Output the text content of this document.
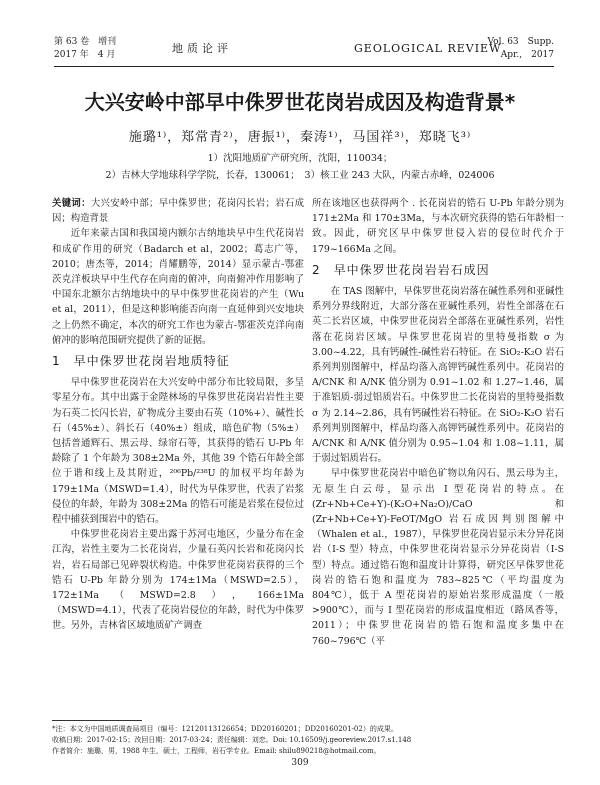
第 63 卷　增刊
2017 年　4 月	地质论评	GEOLOGICAL REVIEW
Vol. 63　Supp.
Apr.,　2017
大兴安岭中部早中侏罗世花岗岩成因及构造背景*
施璐¹⁾，郑常青²⁾，唐振¹⁾，秦涛¹⁾，马国祥³⁾，郑晓飞³⁾
1）沈阳地质矿产研究所，沈阳，110034；
2）吉林大学地球科学学院，长春，130061；　3）核工业 243 大队，内蒙古赤峰，024006

关键词：大兴安岭中部；早中侏罗世；花岗闪长岩；岩石成因；构造背景

近年来蒙古国和我国境内额尔古纳地块早中生代花岗岩和成矿作用的研究（Badarch et al，2002；葛志广等，2010；唐杰等，2014；肖耀鹏等，2014）显示蒙古-鄂霍茨克洋板块早中生代存在向南的俯冲，向南俯冲作用影响了中国东北额尔古纳地块中的早中侏罗世花岗岩的产生（Wu et al，2011），但是这种影响能否向南一直延伸到兴安地块之上仍然不确定，本次的研究工作也为蒙古-鄂霍茨克洋向南俯冲的影响范围研究提供了新的证据。

1　早中侏罗世花岗岩地质特征

早中侏罗世花岗岩在大兴安岭中部分布比较局限，多呈零星分布。其中出露于金陛林场的早侏罗世花岗岩岩性主要为石英二长闪长岩，矿物成分主要由石英（10%+）、碱性长石（45%±）、斜长石（40%±）组成，暗色矿物（5%±）包括普通辉石、黑云母、绿帘石等，其获得的锆石 U-Pb 年龄除了 1 个年龄为 308±2Ma 外，其他 39 个锆石年龄全部位于谐和线上及其附近，²⁰⁶Pb/²³⁸U 的加权平均年龄为 179±1Ma（MSWD=1.4），时代为早侏罗世，代表了岩浆侵位的年龄，年龄为 308±2Ma 的锆石可能是岩浆在侵位过程中捕获到围岩中的锆石。

中侏罗世花岗岩主要出露于苏河屯地区，少量分布在金江沟，岩性主要为二长花岗岩，少量石英闪长岩和花岗闪长岩，岩石局部已见碎裂状构造。中侏罗世花岗岩获得的三个锆石 U-Pb 年龄分别为 174±1Ma（MSWD=2.5），172±1Ma（MSWD=2.8），166±1Ma（MSWD=4.1），代表了花岗岩侵位的年龄，时代为中侏罗世。另外，吉林省区域地质矿产调查

所在该地区也获得两个 . 长花岗岩的锆石 U-Pb 年龄分别为 171±2Ma 和 170±3Ma，与本次研究获得的锆石年龄相一致。因此，研究区早中侏罗世侵入岩的侵位时代介于 179~166Ma 之间。

2　早中侏罗世花岗岩岩石成因

在 TAS 图解中，早侏罗世花岗岩落在碱性系列和亚碱性系列分界线附近，大部分落在亚碱性系列，岩性全部落在石英二长岩区域，中侏罗世花岗岩全部落在亚碱性系列，岩性落在花岗岩区域。早侏罗世花岗岩的里特曼指数 σ 为 3.00~4.22，具有钙碱性-碱性岩石特征。在 SiO₂-K₂O 岩石系列判别图解中，样品均落入高钾钙碱性系列中。花岗岩的 A/CNK 和 A/NK 值分别为 0.91~1.02 和 1.27~1.46，属于准铝质-弱过铝质岩石。中侏罗世二长花岗岩的里特曼指数 σ 为 2.14~2.86，具有钙碱性岩石特征。在 SiO₂-K₂O 岩石系列判别图解中，样品均落入高钾钙碱性系列中。花岗岩的 A/CNK 和 A/NK 值分别为 0.95~1.04 和 1.08~1.11，属于弱过铝质岩石。

早中侏罗世花岗岩中暗色矿物以角闪石、黑云母为主，无原生白云母，显示出 I 型花岗岩的特点。在 (Zr+Nb+Ce+Y)-(K₂O+Na₂O)/CaO 和 (Zr+Nb+Ce+Y)-FeOT/MgO 岩石成因判别图解中（Whalen et al.，1987），早侏罗世花岗岩显示未分异花岗岩（I-S 型）特点，中侏罗世花岗岩显示分异花岗岩（I-S 型）特点。通过锆石饱和温度计计算得，研究区早侏罗世花岗岩的锆石饱和温度为 783~825℃（平均温度为 804℃），低于 A 型花岗岩的原始岩浆形成温度（一般>900℃），而与 I 型花岗岩的形成温度相近（路凤香等，2011）；中侏罗世花岗岩的锆石饱和温度多集中在 760~796℃（平

*注：本文为中国地质调查局项目（编号：12120113126654；DD20160201；DD20160201-02）的成果。
收稿日期：2017-02-15；改回日期：2017-03-24；责任编辑：刘恋。Doi: 10.16509/j.georeview.2017.s1.148
作者简介：施璐，男，1988 年生，硕士，工程师，岩石学专业。Email: shilu890218@hotmail.com。
309
